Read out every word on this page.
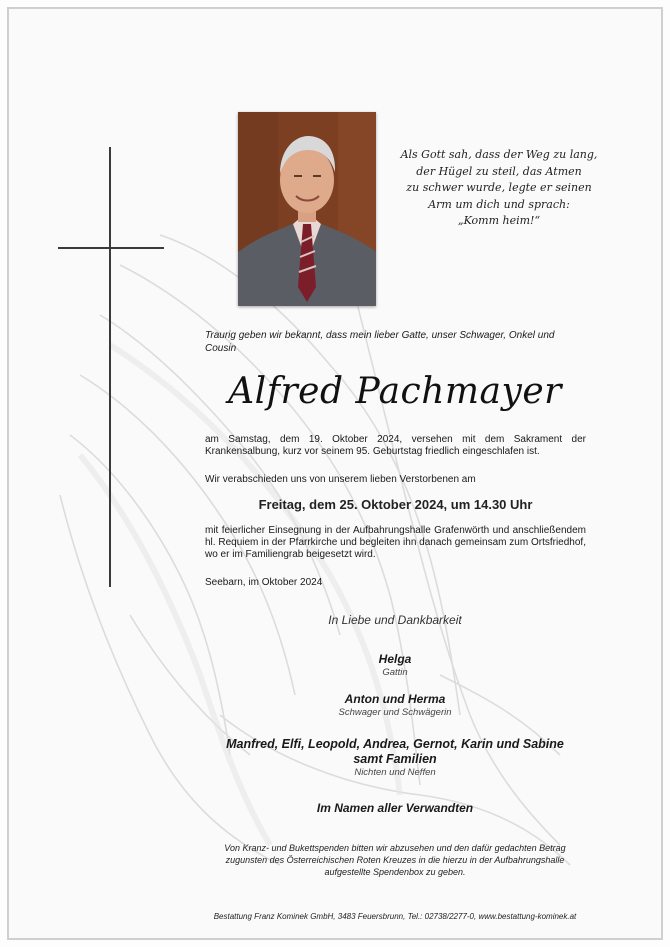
Als Gott sah, dass der Weg zu lang,
der Hügel zu steil, das Atmen
zu schwer wurde, legte er seinen
Arm um dich und sprach:
„Komm heim!“
Traurig geben wir bekannt, dass mein lieber Gatte, unser Schwager, Onkel und Cousin
Alfred Pachmayer
am Samstag, dem 19. Oktober 2024, versehen mit dem Sakrament der Krankensalbung, kurz vor seinem 95. Geburtstag friedlich eingeschlafen ist.
Wir verabschieden uns von unserem lieben Verstorbenen am
Freitag, dem 25. Oktober 2024, um 14.30 Uhr
mit feierlicher Einsegnung in der Aufbahrungshalle Grafenwörth und anschließendem hl. Requiem in der Pfarrkirche und begleiten ihn danach gemeinsam zum Ortsfriedhof, wo er im Familiengrab beigesetzt wird.
Seebarn, im Oktober 2024
In Liebe und Dankbarkeit
Helga
Gattin
Anton und Herma
Schwager und Schwägerin
Manfred, Elfi, Leopold, Andrea, Gernot, Karin und Sabine
samt Familien
Nichten und Neffen
Im Namen aller Verwandten
Von Kranz- und Bukettspenden bitten wir abzusehen und den dafür gedachten Betrag zugunsten des Österreichischen Roten Kreuzes in die hierzu in der Aufbahrungshalle aufgestellte Spendenbox zu geben.
Bestattung Franz Kominek GmbH, 3483 Feuersbrunn, Tel.: 02738/2277-0, www.bestattung-kominek.at
